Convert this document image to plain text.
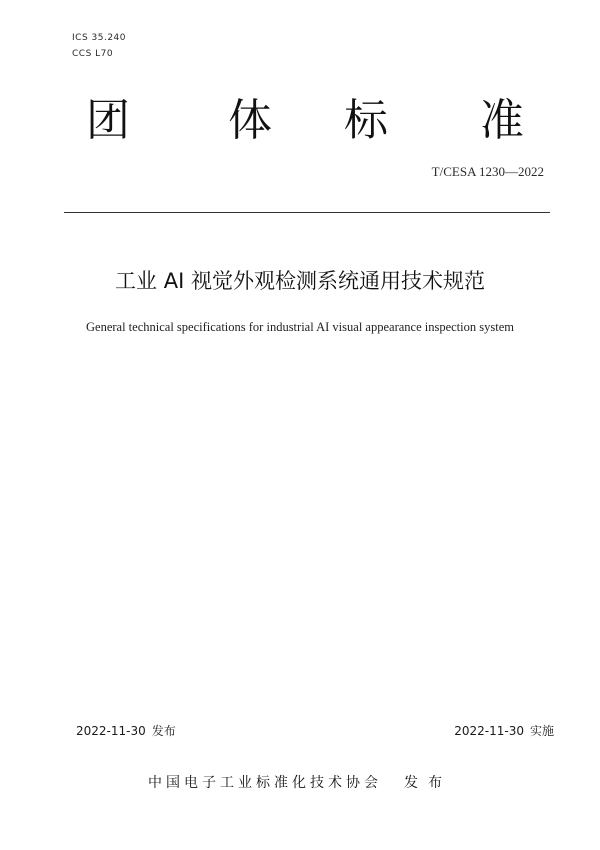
ICS 35.240
CCS L70
团 体 标 准
T/CESA 1230—2022
工业 AI 视觉外观检测系统通用技术规范
General technical specifications for industrial AI visual appearance inspection system
2022-11-30 发布	2022-11-30 实施
中国电子工业标准化技术协会 发布
